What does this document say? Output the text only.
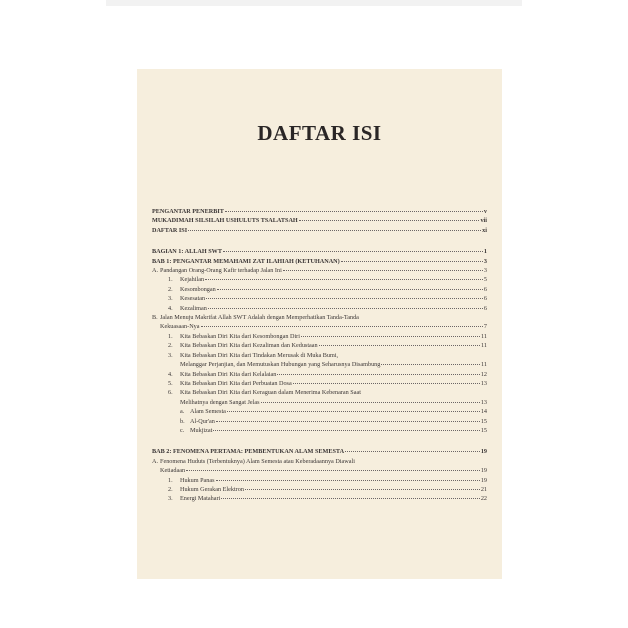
DAFTAR ISI
PENGANTAR PENERBIT	v
MUKADIMAH SILSILAH USHULUTS TSALATSAH	vii
DAFTAR ISI	xi
BAGIAN 1: ALLAH SWT	1
BAB 1: PENGANTAR MEMAHAMI ZAT ILAHIAH (KETUHANAN)	3
A. Pandangan Orang-Orang Kafir terhadap Jalan Ini	3
1. Kejahilan	5
2. Kesombongan	6
3. Kesesatan	6
4. Kezaliman	6
B. Jalan Menuju Makrifat Allah SWT Adalah dengan Memperhatikan Tanda-Tanda
Kekuasaan-Nya	7
1. Kita Bebaskan Diri Kita dari Kesombongan Diri	11
2. Kita Bebaskan Diri Kita dari Kezaliman dan Kedustaan	11
3. Kita Bebaskan Diri Kita dari Tindakan Merusak di Muka Bumi,
Melanggar Perjanjian, dan Memutuskan Hubungan yang Seharusnya Disambung	11
4. Kita Bebaskan Diri Kita dari Kelalaian	12
5. Kita Bebaskan Diri Kita dari Perbuatan Dosa	13
6. Kita Bebaskan Diri Kita dari Keraguan dalam Menerima Kebenaran Saat
Melihatnya dengan Sangat Jelas	13
a. Alam Semesta	14
b. Al-Qur'an	15
c. Mukjizat	15
BAB 2: FENOMENA PERTAMA: PEMBENTUKAN ALAM SEMESTA	19
A. Fenomena Huduts (Terbentuknya) Alam Semesta atau Keberadaannya Diawali
Ketiadaan	19
1. Hukum Panas	19
2. Hukum Gerakan Elektron	21
3. Energi Matahari	22
